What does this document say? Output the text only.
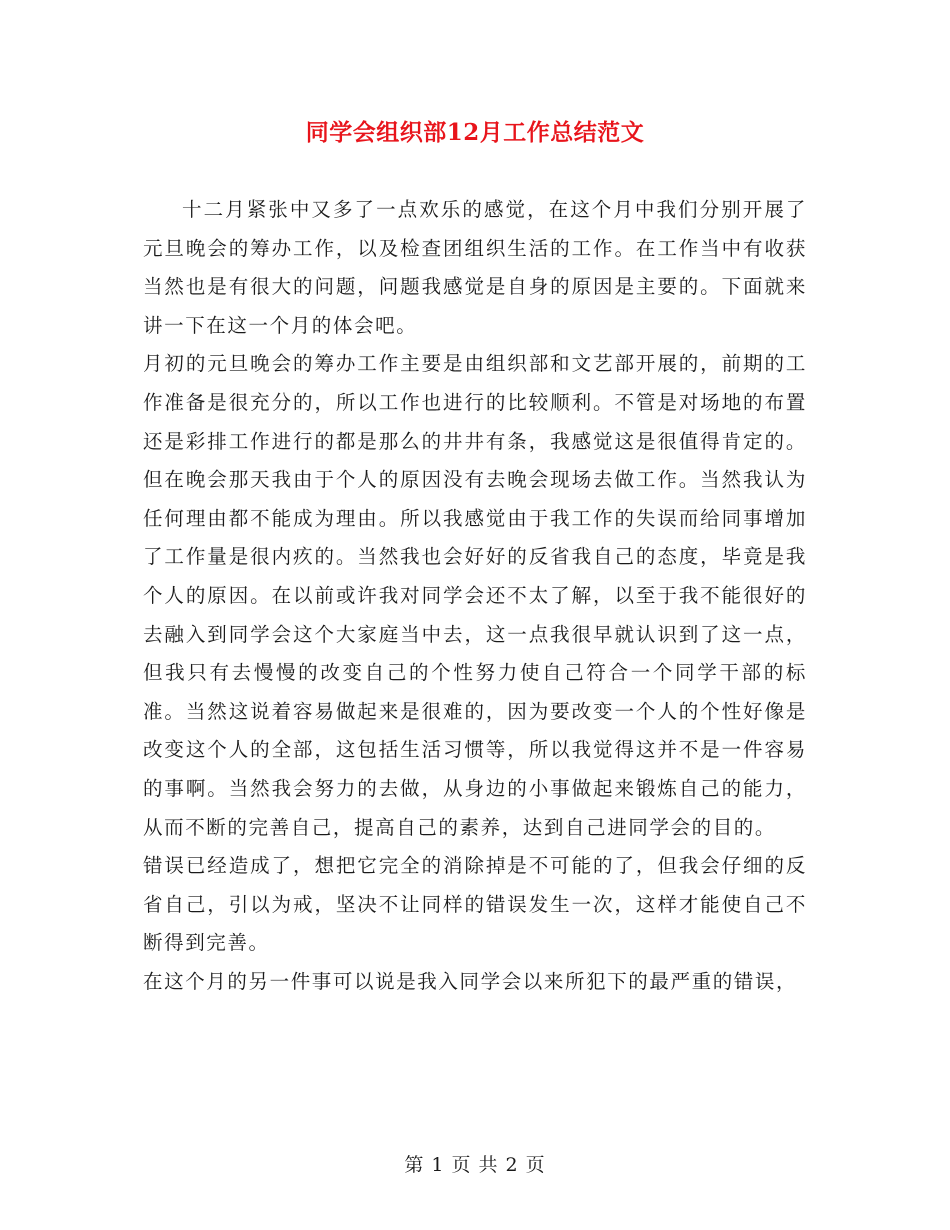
同学会组织部12月工作总结范文

十二月紧张中又多了一点欢乐的感觉，在这个月中我们分别开展了元旦晚会的筹办工作，以及检查团组织生活的工作。在工作当中有收获当然也是有很大的问题，问题我感觉是自身的原因是主要的。下面就来讲一下在这一个月的体会吧。

月初的元旦晚会的筹办工作主要是由组织部和文艺部开展的，前期的工作准备是很充分的，所以工作也进行的比较顺利。不管是对场地的布置还是彩排工作进行的都是那么的井井有条，我感觉这是很值得肯定的。但在晚会那天我由于个人的原因没有去晚会现场去做工作。当然我认为任何理由都不能成为理由。所以我感觉由于我工作的失误而给同事增加了工作量是很内疚的。当然我也会好好的反省我自己的态度，毕竟是我个人的原因。在以前或许我对同学会还不太了解，以至于我不能很好的去融入到同学会这个大家庭当中去，这一点我很早就认识到了这一点，但我只有去慢慢的改变自己的个性努力使自己符合一个同学干部的标准。当然这说着容易做起来是很难的，因为要改变一个人的个性好像是改变这个人的全部，这包括生活习惯等，所以我觉得这并不是一件容易的事啊。当然我会努力的去做，从身边的小事做起来锻炼自己的能力，从而不断的完善自己，提高自己的素养，达到自己进同学会的目的。

错误已经造成了，想把它完全的消除掉是不可能的了，但我会仔细的反省自己，引以为戒，坚决不让同样的错误发生一次，这样才能使自己不断得到完善。

在这个月的另一件事可以说是我入同学会以来所犯下的最严重的错误，

第 1 页 共 2 页
